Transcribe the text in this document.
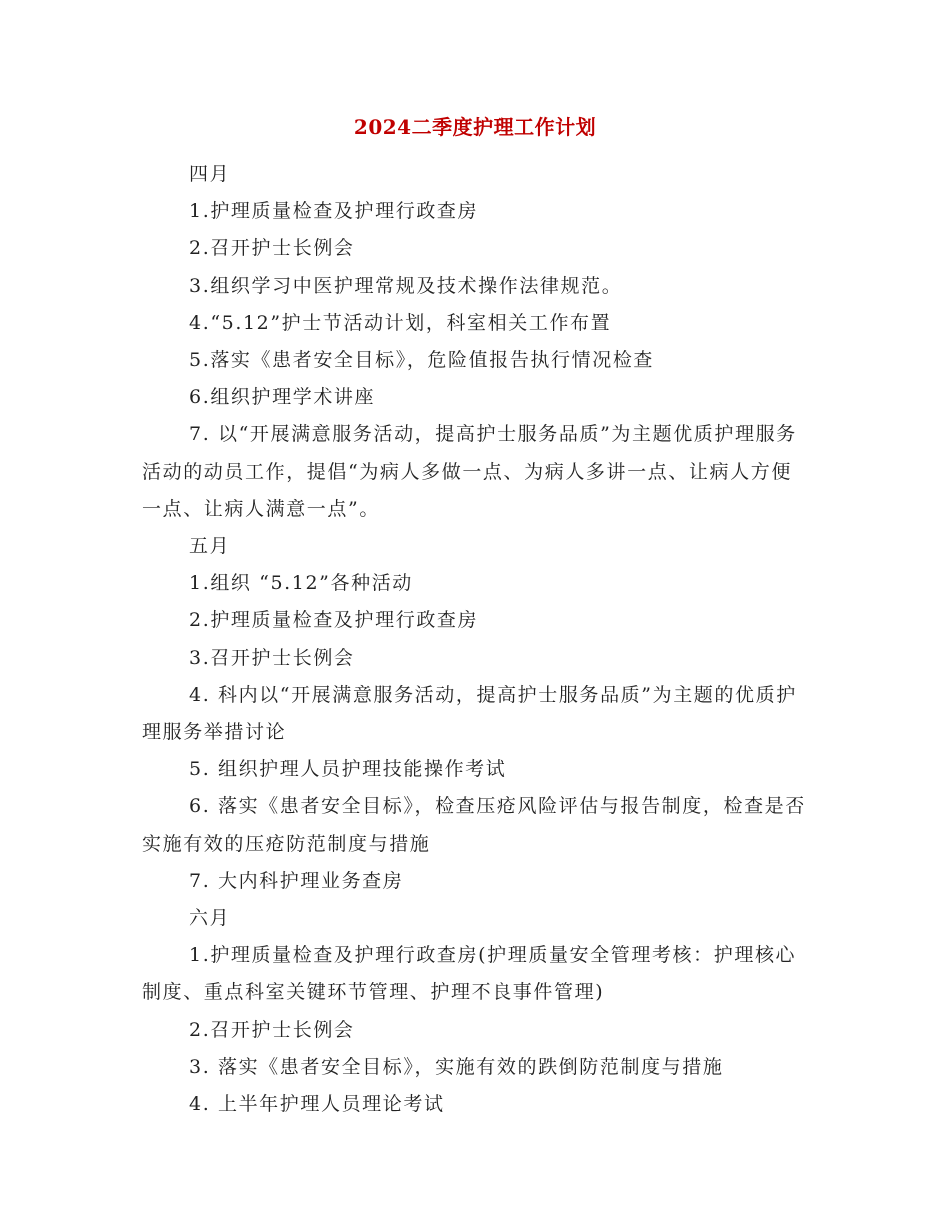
2024二季度护理工作计划

四月

1.护理质量检查及护理行政查房

2.召开护士长例会

3.组织学习中医护理常规及技术操作法律规范。

4.“5.12”护士节活动计划，科室相关工作布置

5.落实《患者安全目标》，危险值报告执行情况检查

6.组织护理学术讲座

7. 以“开展满意服务活动，提高护士服务品质”为主题优质护理服务活动的动员工作，提倡“为病人多做一点、为病人多讲一点、让病人方便一点、让病人满意一点”。

五月

1.组织 “5.12”各种活动

2.护理质量检查及护理行政查房

3.召开护士长例会

4. 科内以“开展满意服务活动，提高护士服务品质”为主题的优质护理服务举措讨论

5. 组织护理人员护理技能操作考试

6. 落实《患者安全目标》，检查压疮风险评估与报告制度，检查是否实施有效的压疮防范制度与措施

7. 大内科护理业务查房

六月

1.护理质量检查及护理行政查房(护理质量安全管理考核：护理核心制度、重点科室关键环节管理、护理不良事件管理)

2.召开护士长例会

3. 落实《患者安全目标》，实施有效的跌倒防范制度与措施

4. 上半年护理人员理论考试
